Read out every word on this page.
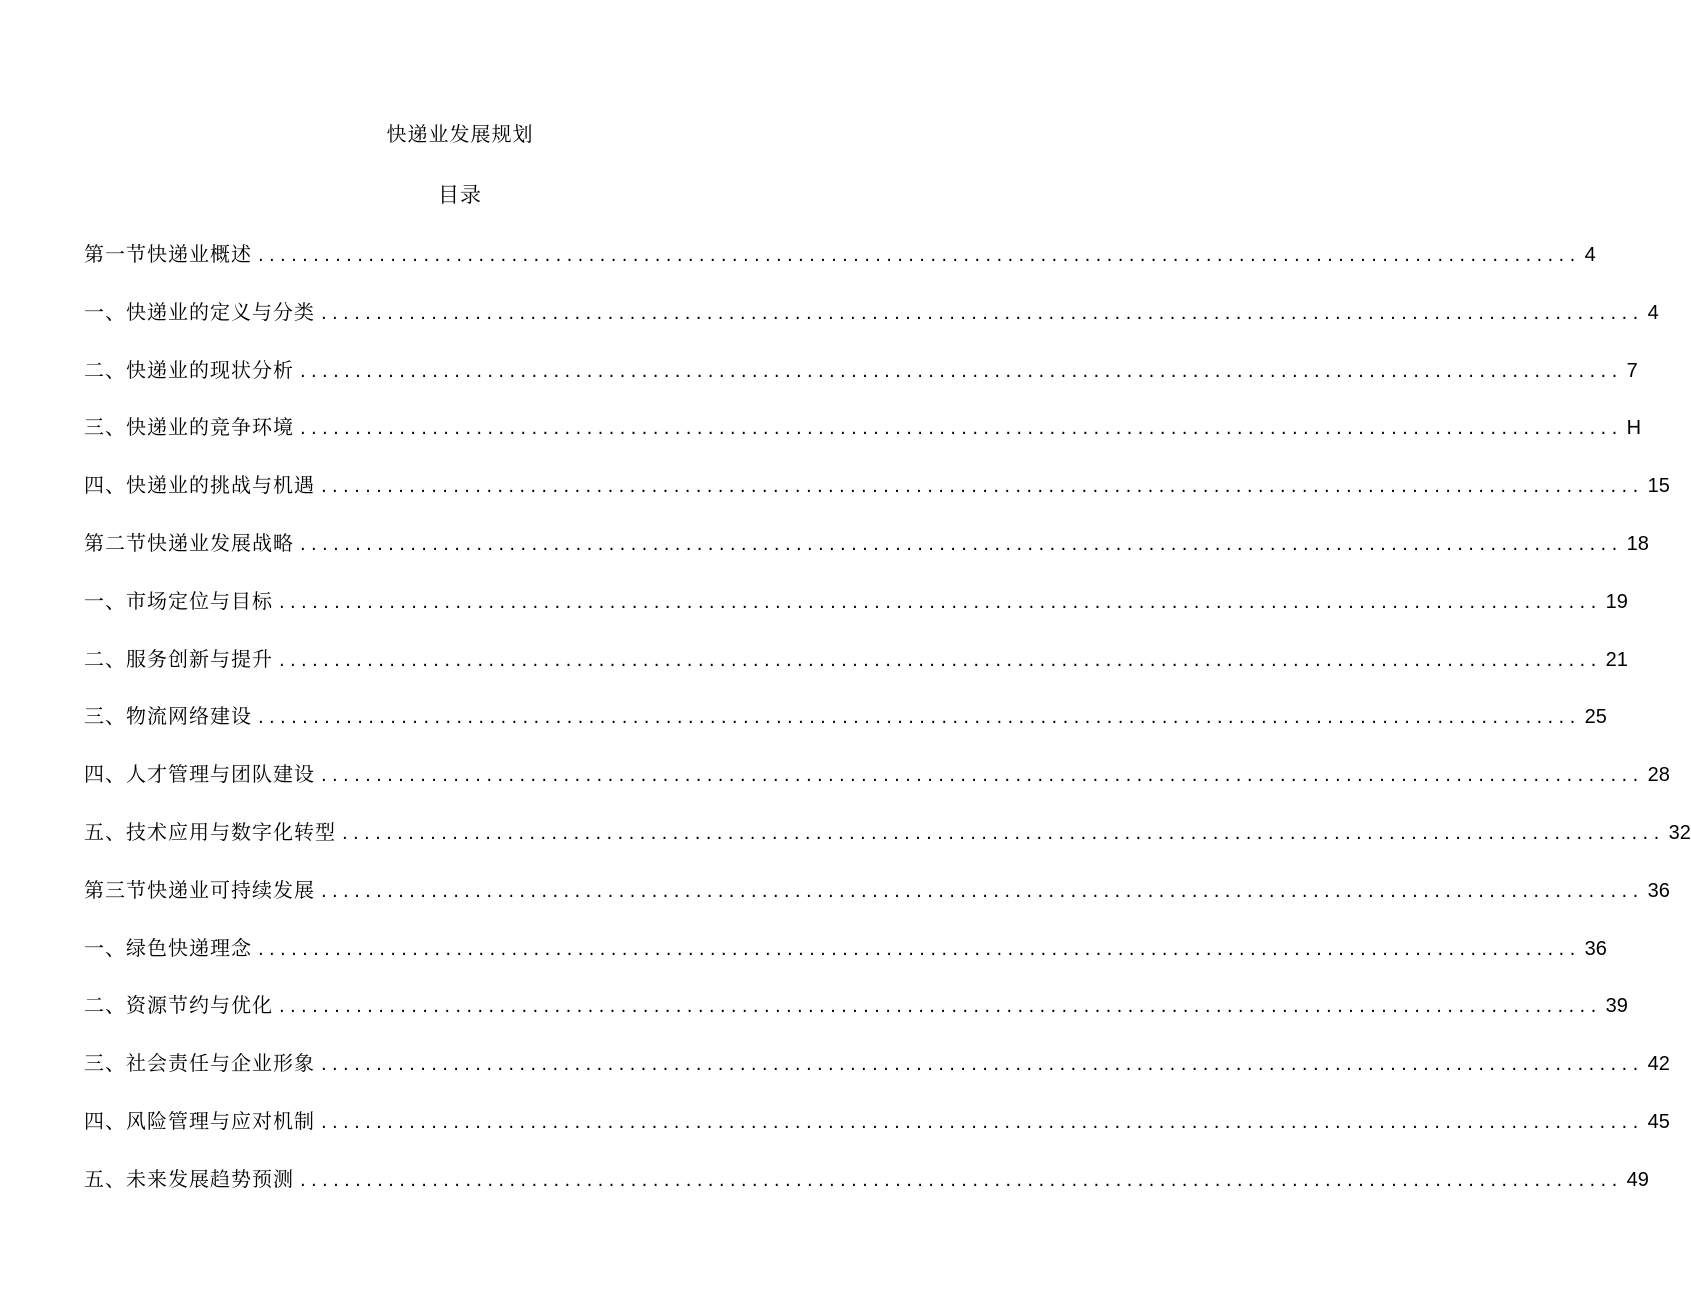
快递业发展规划
目录
第一节快递业概述 ........................................................................................................................ 4
一、快递业的定义与分类 ........................................................................................................................ 4
二、快递业的现状分析 ........................................................................................................................ 7
三、快递业的竞争环境 ........................................................................................................................ H
四、快递业的挑战与机遇 ........................................................................................................................ 15
第二节快递业发展战略 ........................................................................................................................ 18
一、市场定位与目标 ........................................................................................................................ 19
二、服务创新与提升 ........................................................................................................................ 21
三、物流网络建设 ........................................................................................................................ 25
四、人才管理与团队建设 ........................................................................................................................ 28
五、技术应用与数字化转型 ........................................................................................................................ 32
第三节快递业可持续发展 ........................................................................................................................ 36
一、绿色快递理念 ........................................................................................................................ 36
二、资源节约与优化 ........................................................................................................................ 39
三、社会责任与企业形象 ........................................................................................................................ 42
四、风险管理与应对机制 ........................................................................................................................ 45
五、未来发展趋势预测 ........................................................................................................................ 49
